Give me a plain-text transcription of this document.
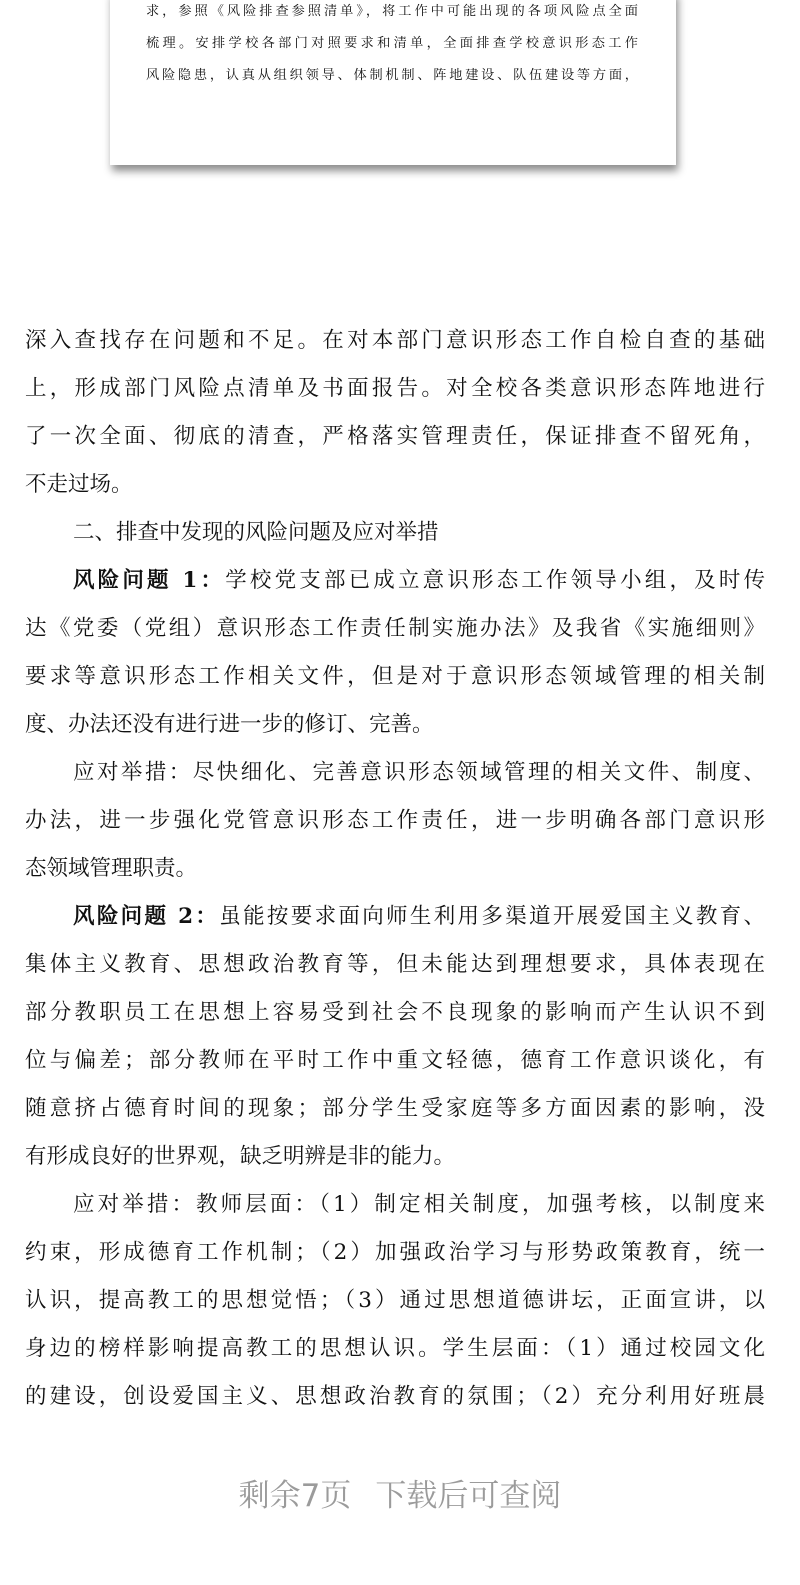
求，参照《风险排查参照清单》，将工作中可能出现的各项风险点全面
梳理。安排学校各部门对照要求和清单，全面排查学校意识形态工作
风险隐患，认真从组织领导、体制机制、阵地建设、队伍建设等方面，
深入查找存在问题和不足。在对本部门意识形态工作自检自查的基础
上，形成部门风险点清单及书面报告。对全校各类意识形态阵地进行
了一次全面、彻底的清查，严格落实管理责任，保证排查不留死角，
不走过场。
二、排查中发现的风险问题及应对举措
风险问题 1：学校党支部已成立意识形态工作领导小组，及时传
达《党委（党组）意识形态工作责任制实施办法》及我省《实施细则》
要求等意识形态工作相关文件，但是对于意识形态领域管理的相关制
度、办法还没有进行进一步的修订、完善。
应对举措：尽快细化、完善意识形态领域管理的相关文件、制度、
办法，进一步强化党管意识形态工作责任，进一步明确各部门意识形
态领域管理职责。
风险问题 2：虽能按要求面向师生利用多渠道开展爱国主义教育、
集体主义教育、思想政治教育等，但未能达到理想要求，具体表现在
部分教职员工在思想上容易受到社会不良现象的影响而产生认识不到
位与偏差；部分教师在平时工作中重文轻德，德育工作意识谈化，有
随意挤占德育时间的现象；部分学生受家庭等多方面因素的影响，没
有形成良好的世界观，缺乏明辨是非的能力。
应对举措：教师层面：（1）制定相关制度，加强考核，以制度来
约束，形成德育工作机制；（2）加强政治学习与形势政策教育，统一
认识，提高教工的思想觉悟；（3）通过思想道德讲坛，正面宣讲，以
身边的榜样影响提高教工的思想认识。学生层面：（1）通过校园文化
的建设，创设爱国主义、思想政治教育的氛围；（2）充分利用好班晨
剩余7页 下载后可查阅
